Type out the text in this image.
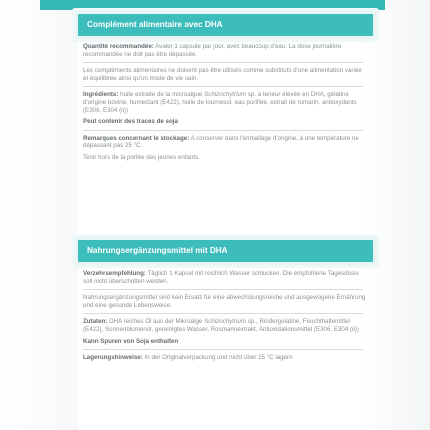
Complément alimentaire avec DHA

Quantité recommandée: Avaler 1 capsule par jour, avec beaucoup d'eau. La dose journalière recommandée ne doit pas être dépassée.

Les compléments alimentaires ne doivent pas être utilisés comme substituts d'une alimentation variée et équilibrée ainsi qu'un mode de vie sain.

Ingrédients: huile extraite de la microalgue Schizochytrium sp. à teneur élevée en DHA, gélatine d'origine bovine, humectant (E422), huile de tournesol, eau purifiée, extrait de romarin, antioxydants (E306, E304 (ii))

Peut contenir des traces de soja

Remarques concernant le stockage: A conserver dans l'emballage d'origine, à une température ne dépassant pas 25 °C.

Tenir hors de la portée des jeunes enfants.

Nahrungsergänzungsmittel mit DHA

Verzehrsempfehlung: Täglich 1 Kapsel mit reichlich Wasser schlucken. Die empfohlene Tagesdosis soll nicht überschritten werden.

Nahrungsergänzungsmittel sind kein Ersatz für eine abwechslungsreiche und ausgewogene Ernährung und eine gesunde Lebensweise.

Zutaten: DHA reiches Öl aus der Mikroalge Schizochytrium sp., Rindergelatine, Feuchthaltemittel (E422), Sonnenblumenöl, gereinigtes Wasser, Rosmarinextrakt, Antioxidationsmittel (E306, E304 (ii))

Kann Spuren von Soja enthalten

Lagerungshinweise: In der Originalverpackung und nicht über 25 °C lagern
